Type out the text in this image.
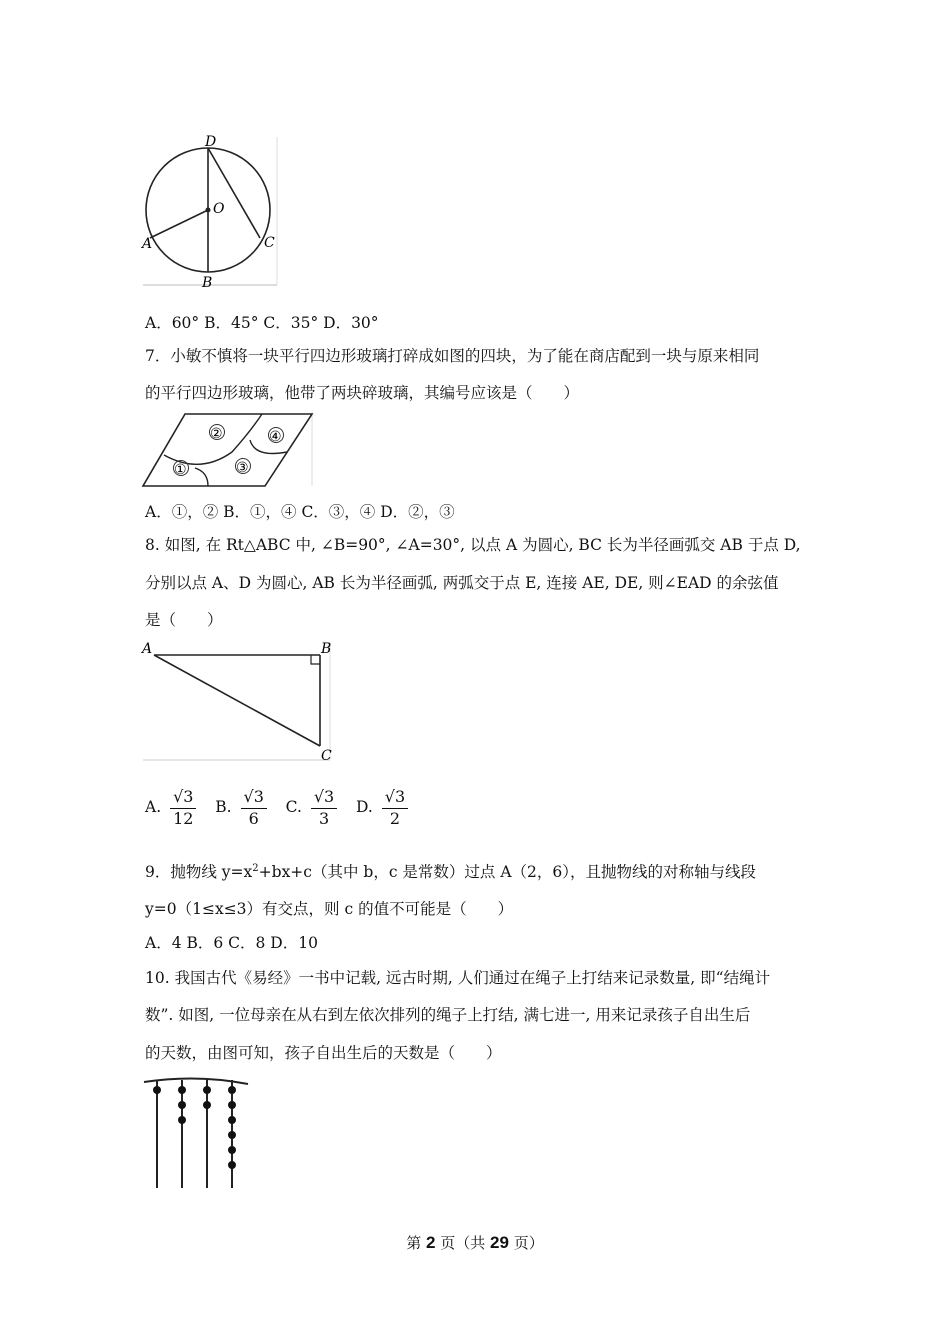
D
O
A
B
C
A．60° B．45° C．35° D．30°
7．小敏不慎将一块平行四边形玻璃打碎成如图的四块，为了能在商店配到一块与原来相同
的平行四边形玻璃，他带了两块碎玻璃，其编号应该是（　　）
①
②
③
④
A．①，② B．①，④ C．③，④ D．②，③
8. 如图, 在 Rt△ABC 中, ∠B=90°, ∠A=30°, 以点 A 为圆心, BC 长为半径画弧交 AB 于点 D,
分别以点 A、D 为圆心, AB 长为半径画弧, 两弧交于点 E, 连接 AE, DE, 则∠EAD 的余弦值
是（　　）
A	B
C
A. $\frac{√3}{12} B$. $\frac{√3}{6} C$. $\frac{√3}{3} D$. $\frac{√3}{2}$
9．抛物线 $y=x^2+bx+c$（其中 b，c 是常数）过点 A（2，6），且抛物线的对称轴与线段
y=0（1≤x≤3）有交点，则 c 的值不可能是（　　）
A．4 B．6 C．8 D．10
10. 我国古代《易经》一书中记载, 远古时期, 人们通过在绳子上打结来记录数量, 即“结绳计
数”. 如图, 一位母亲在从右到左依次排列的绳子上打结, 满七进一, 用来记录孩子自出生后
的天数，由图可知，孩子自出生后的天数是（　　）
第 2 页（共 29 页）
